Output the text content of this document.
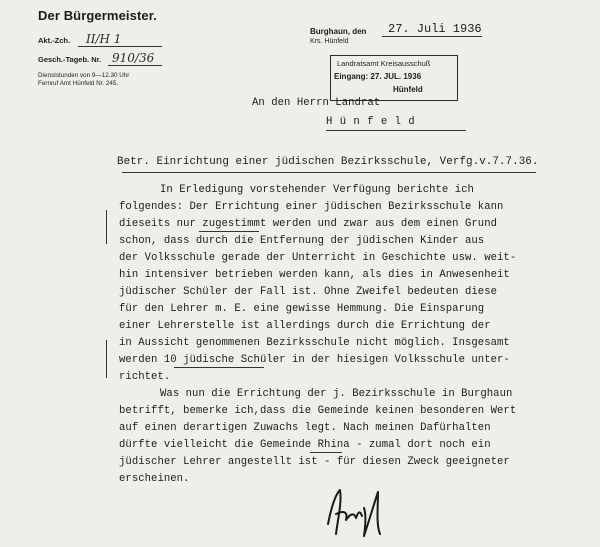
Der Bürgermeister.
Akt.-Zch. II/H 1
Gesch.-Tageb. Nr. 910/36
Dienststunden von 9—12.30 Uhr
Fernruf Amt Hünfeld Nr. 245.
Burghaun, den 27. Juli 1936
Krs. Hünfeld
Landratsamt Kreisausschuß
Eingang: 27. JUL. 1936
Hünfeld
An den Herrn Landrat
H ü n f e l d
Betr. Einrichtung einer jüdischen Bezirksschule, Verfg.v.7.7.36.
In Erledigung vorstehender Verfügung berichte ich
folgendes: Der Errichtung einer jüdischen Bezirksschule kann
dieseits nur zugestimmt werden und zwar aus dem einen Grund
schon, dass durch die Entfernung der jüdischen Kinder aus
der Volksschule gerade der Unterricht in Geschichte usw. weit-
hin intensiver betrieben werden kann, als dies in Anwesenheit
jüdischer Schüler der Fall ist. Ohne Zweifel bedeuten diese
für den Lehrer m. E. eine gewisse Hemmung. Die Einsparung
einer Lehrerstelle ist allerdings durch die Errichtung der
in Aussicht genommenen Bezirksschule nicht möglich. Insgesamt
werden 10 jüdische Schüler in der hiesigen Volksschule unter-
richtet.
Was nun die Errichtung der j. Bezirksschule in Burghaun
betrifft, bemerke ich,dass die Gemeinde keinen besonderen Wert
auf einen derartigen Zuwachs legt. Nach meinen Dafürhalten
dürfte vielleicht die Gemeinde Rhina - zumal dort noch ein
jüdischer Lehrer angestellt ist - für diesen Zweck geeigneter
erscheinen.	Kniß
